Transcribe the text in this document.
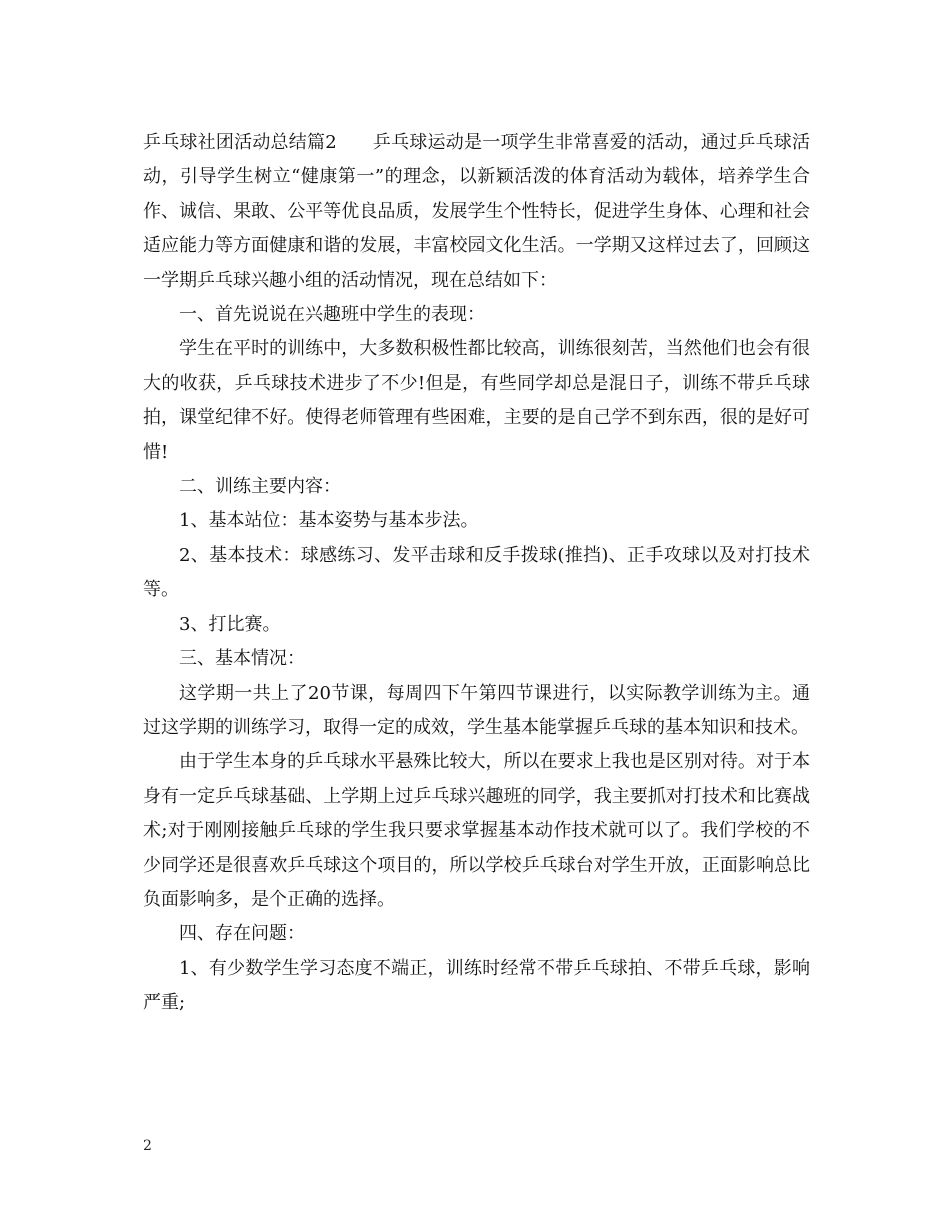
乒乓球社团活动总结篇2 乒乓球运动是一项学生非常喜爱的活动，通过乒乓球活动，引导学生树立“健康第一”的理念，以新颖活泼的体育活动为载体，培养学生合作、诚信、果敢、公平等优良品质，发展学生个性特长，促进学生身体、心理和社会适应能力等方面健康和谐的发展，丰富校园文化生活。一学期又这样过去了，回顾这一学期乒乓球兴趣小组的活动情况，现在总结如下：

一、首先说说在兴趣班中学生的表现：

学生在平时的训练中，大多数积极性都比较高，训练很刻苦，当然他们也会有很大的收获，乒乓球技术进步了不少!但是，有些同学却总是混日子，训练不带乒乓球拍，课堂纪律不好。使得老师管理有些困难，主要的是自己学不到东西，很的是好可惜!

二、训练主要内容：

1、基本站位：基本姿势与基本步法。

2、基本技术：球感练习、发平击球和反手拨球(推挡)、正手攻球以及对打技术等。

3、打比赛。

三、基本情况：

这学期一共上了20节课，每周四下午第四节课进行，以实际教学训练为主。通过这学期的训练学习，取得一定的成效，学生基本能掌握乒乓球的基本知识和技术。

由于学生本身的乒乓球水平悬殊比较大，所以在要求上我也是区别对待。对于本身有一定乒乓球基础、上学期上过乒乓球兴趣班的同学，我主要抓对打技术和比赛战术;对于刚刚接触乒乓球的学生我只要求掌握基本动作技术就可以了。我们学校的不少同学还是很喜欢乒乓球这个项目的，所以学校乒乓球台对学生开放，正面影响总比负面影响多，是个正确的选择。

四、存在问题：

1、有少数学生学习态度不端正，训练时经常不带乒乓球拍、不带乒乓球，影响严重;

2
